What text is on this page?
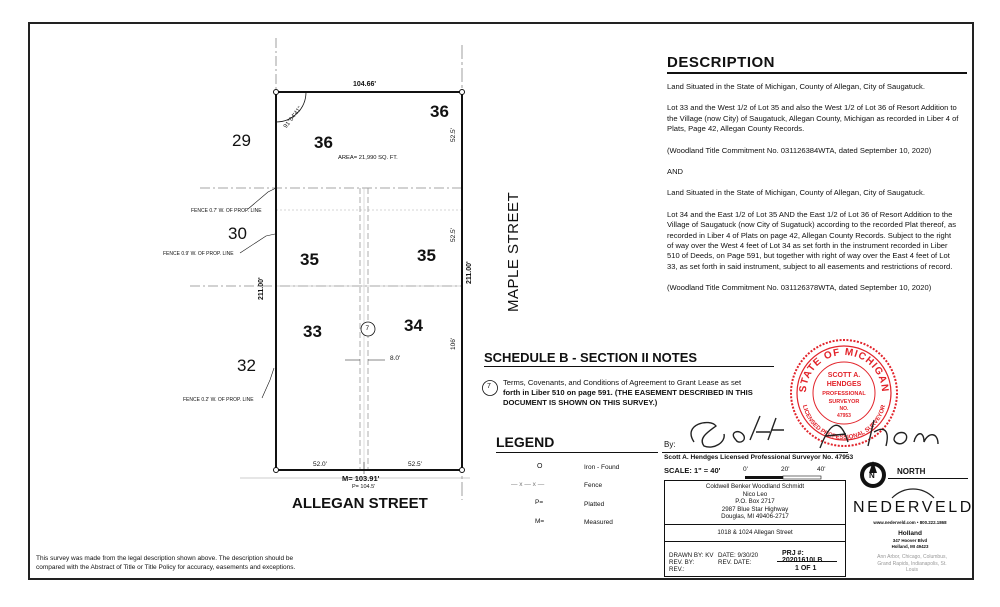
29
30
32
36
36
35	35
33	34
104.66'
91°04'41"
AREA= 21,990 SQ. FT.
211.00'
211.00'
52.5'
52.5'
106'
52.0'	52.5'
M= 103.91'
P= 104.5'
8.0'
7
FENCE 0.7' W. OF PROP. LINE
FENCE 0.9' W. OF PROP. LINE
FENCE 0.2' W. OF PROP. LINE
MAPLE STREET
ALLEGAN STREET
DESCRIPTION

Land Situated in the State of Michigan, County of Allegan, City of Saugatuck.

Lot 33 and the West 1/2 of Lot 35 and also the West 1/2 of Lot 36 of Resort Addition to the Village (now City) of Saugatuck, Allegan County, Michigan as recorded in Liber 4 of Plats, Page 42, Allegan County Records.

(Woodland Title Commitment No. 031126384WTA, dated September 10, 2020)

AND

Land Situated in the State of Michigan, County of Allegan, City of Saugatuck.

Lot 34 and the East 1/2 of Lot 35 AND the East 1/2 of Lot 36 of Resort Addition to the Village of Saugatuck (now City of Sugatuck) according to the recorded Plat thereof, as recorded in Liber 4 of Plats on page 42, Allegan County Records. Subject to the right of way over the West 4 feet of Lot 34 as set forth in the instrument recorded in Liber 510 of Deeds, on Page 591, but together with right of way over the East 4 feet of Lot 33, as set forth in said instrument, subject to all easements and restrictions of record.

(Woodland Title Commitment No. 031126378WTA, dated September 10, 2020)

SCHEDULE B - SECTION II NOTES
7 Terms, Covenants, and Conditions of Agreement to Grant Lease as set
forth in Liber 510 on page 591. (THE EASEMENT DESCRIBED IN THIS
DOCUMENT IS SHOWN ON THIS SURVEY.)
STATE OF MICHIGAN
LICENSED PROFESSIONAL SURVEYOR
SCOTT A.
HENDGES
PROFESSIONAL
SURVEYOR
NO.
47953
By:
Scott A. Hendges Licensed Professional Surveyor No. 47953
LEGEND
O	Iron - Found
— x — x —	Fence
P=	Platted
M=	Measured
SCALE: 1" = 40'	0'	20'	40'
N	NORTH
Coldwell Benker Woodland Schmidt
Nico Leo
P.O. Box 2717
2987 Blue Star Highway
Douglas, MI 49406-2717
1018 & 1024 Allegan Street
DRAWN BY: KV
REV. BY:
REV.:
DATE: 9/30/20
REV. DATE:
PRJ #: 20201610LB
1 OF 1
NEDERVELD
www.nederveld.com • 800.222.1868
Holland
347 Hoover Blvd
Holland, MI 49423
Ann Arbor, Chicago, Columbus, Grand Rapids, Indianapolis, St. Louis
This survey was made from the legal description shown above. The description should be
compared with the Abstract of Title or Title Policy for accuracy, easements and exceptions.
